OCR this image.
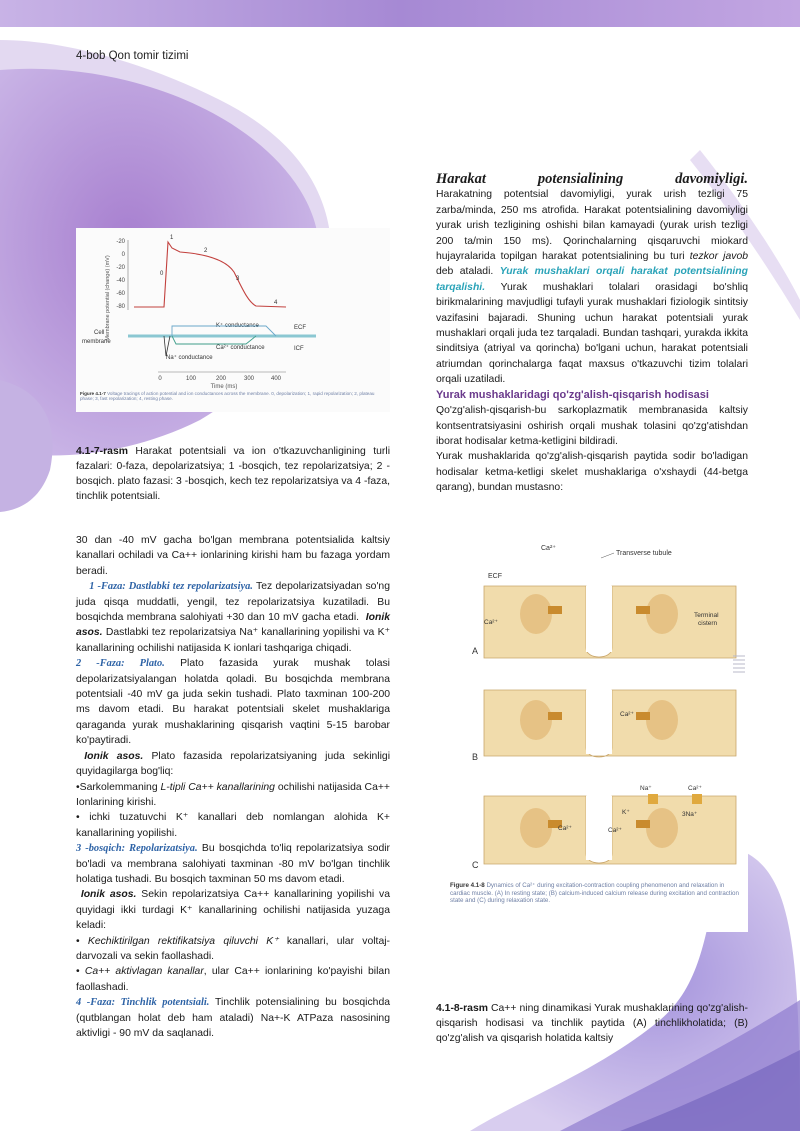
4-bob Qon tomir tizimi
Membrane potential (change) (mV)
-20
0
-20
-40
-60
-80
1
2
0
3
4
K⁺ conductance	ECF
Cell membrane
Ca²⁺ conductance	ICF
Na⁺ conductance
0	100	200	300	400
Time (ms)
Figure 4.1-7 Voltage tracings of action potential and ion conductances across the membrane. 0, depolarization; 1, rapid repolarization; 2, plateau phase; 3, fast repolarization; 4, resting phase.
4.1-7-rasm Harakat potentsiali va ion o'tkazuvchanligining turli fazalari: 0-faza, depolarizatsiya; 1 -bosqich, tez repolarizatsiya; 2 -bosqich. plato fazasi: 3 -bosqich, kech tez repolarizatsiya va 4 -faza, tinchlik potentsiali.

30 dan -40 mV gacha bo'lgan membrana potentsialida kaltsiy kanallari ochiladi va Ca++ ionlarining kirishi ham bu fazaga yordam beradi.

1 -Faza: Dastlabki tez repolarizatsiya. Tez depolarizatsiyadan so'ng juda qisqa muddatli, yengil, tez repolarizatsiya kuzatiladi. Bu bosqichda membrana salohiyati +30 dan 10 mV gacha etadi. Ionik asos. Dastlabki tez repolarizatsiya Na⁺ kanallarining yopilishi va K⁺ kanallarining ochilishi natijasida K ionlari tashqariga chiqadi.

2 -Faza: Plato. Plato fazasida yurak mushak tolasi depolarizatsiyalangan holatda qoladi. Bu bosqichda membrana potentsiali -40 mV ga juda sekin tushadi. Plato taxminan 100-200 ms davom etadi. Bu harakat potentsiali skelet mushaklariga qaraganda yurak mushaklarining qisqarish vaqtini 5-15 barobar ko'paytiradi.

Ionik asos. Plato fazasida repolarizatsiyaning juda sekinligi quyidagilarga bog'liq:

•Sarkolemmaning L-tipli Ca++ kanallarining ochilishi natijasida Ca++ Ionlarining kirishi.

• ichki tuzatuvchi K⁺ kanallari deb nomlangan alohida K+ kanallarining yopilishi.

3 -bosqich: Repolarizatsiya. Bu bosqichda to'liq repolarizatsiya sodir bo'ladi va membrana salohiyati taxminan -80 mV bo'lgan tinchlik holatiga tushadi. Bu bosqich taxminan 50 ms davom etadi.

Ionik asos. Sekin repolarizatsiya Ca++ kanallarining yopilishi va quyidagi ikki turdagi K⁺ kanallarining ochilishi natijasida yuzaga keladi:

• Kechiktirilgan rektifikatsiya qiluvchi K⁺ kanallari, ular voltaj-darvozali va sekin faollashadi.

• Ca++ aktivlagan kanallar, ular Ca++ ionlarining ko'payishi bilan faollashadi.

4 -Faza: Tinchlik potentsiali. Tinchlik potensialining bu bosqichda (qutblangan holat deb ham ataladi) Na+-K ATPaza nasosining aktivligi - 90 mV da saqlanadi.

Harakat potensialining davomiyligi.

Harakatning potentsial davomiyligi, yurak urish tezligi 75 zarba/minda, 250 ms atrofida. Harakat potentsialining davomiyligi yurak urish tezligining oshishi bilan kamayadi (yurak urish tezligi 200 ta/min 150 ms). Qorinchalarning qisqaruvchi miokard hujayralarida topilgan harakat potentsialining bu turi tezkor javob deb ataladi. Yurak mushaklari orqali harakat potentsialining tarqalishi. Yurak mushaklari tolalari orasidagi bo'shliq birikmalarining mavjudligi tufayli yurak mushaklari fiziologik sintitsiy vazifasini bajaradi. Shuning uchun harakat potentsiali yurak mushaklari orqali juda tez tarqaladi. Bundan tashqari, yurakda ikkita sinditsiya (atriyal va qorincha) bo'lgani uchun, harakat potentsiali atriumdan qorinchalarga faqat maxsus o'tkazuvchi tizim tolalari orqali uzatiladi.

Yurak mushaklaridagi qo'zg'alish-qisqarish hodisasi

Qo'zg'alish-qisqarish-bu sarkoplazmatik membranasida kaltsiy kontsentratsiyasini oshirish orqali mushak tolasini qo'zg'atishdan iborat hodisalar ketma-ketligini bildiradi.

Yurak mushaklarida qo'zg'alish-qisqarish paytida sodir bo'ladigan hodisalar ketma-ketligi skelet mushaklariga o'xshaydi (44-betga qarang), bundan mustasno:

Ca²⁺
Transverse tubule
ECF
Ca²⁺
Terminal cistern
A
Ca²⁺
B
Na⁺	Ca²⁺
3Na⁺
K⁺
Ca²⁺	Ca²⁺
C
Figure 4.1-8 Dynamics of Ca²⁺ during excitation-contraction coupling phenomenon and relaxation in cardiac muscle. (A) In resting state; (B) calcium-induced calcium release during excitation and contraction state and (C) during relaxation state.
4.1-8-rasm Ca++ ning dinamikasi Yurak mushaklarining qo'zg'alish-qisqarish hodisasi va tinchlik paytida (A) tinchlikholatida; (B) qo'zg'alish va qisqarish holatida kaltsiy
